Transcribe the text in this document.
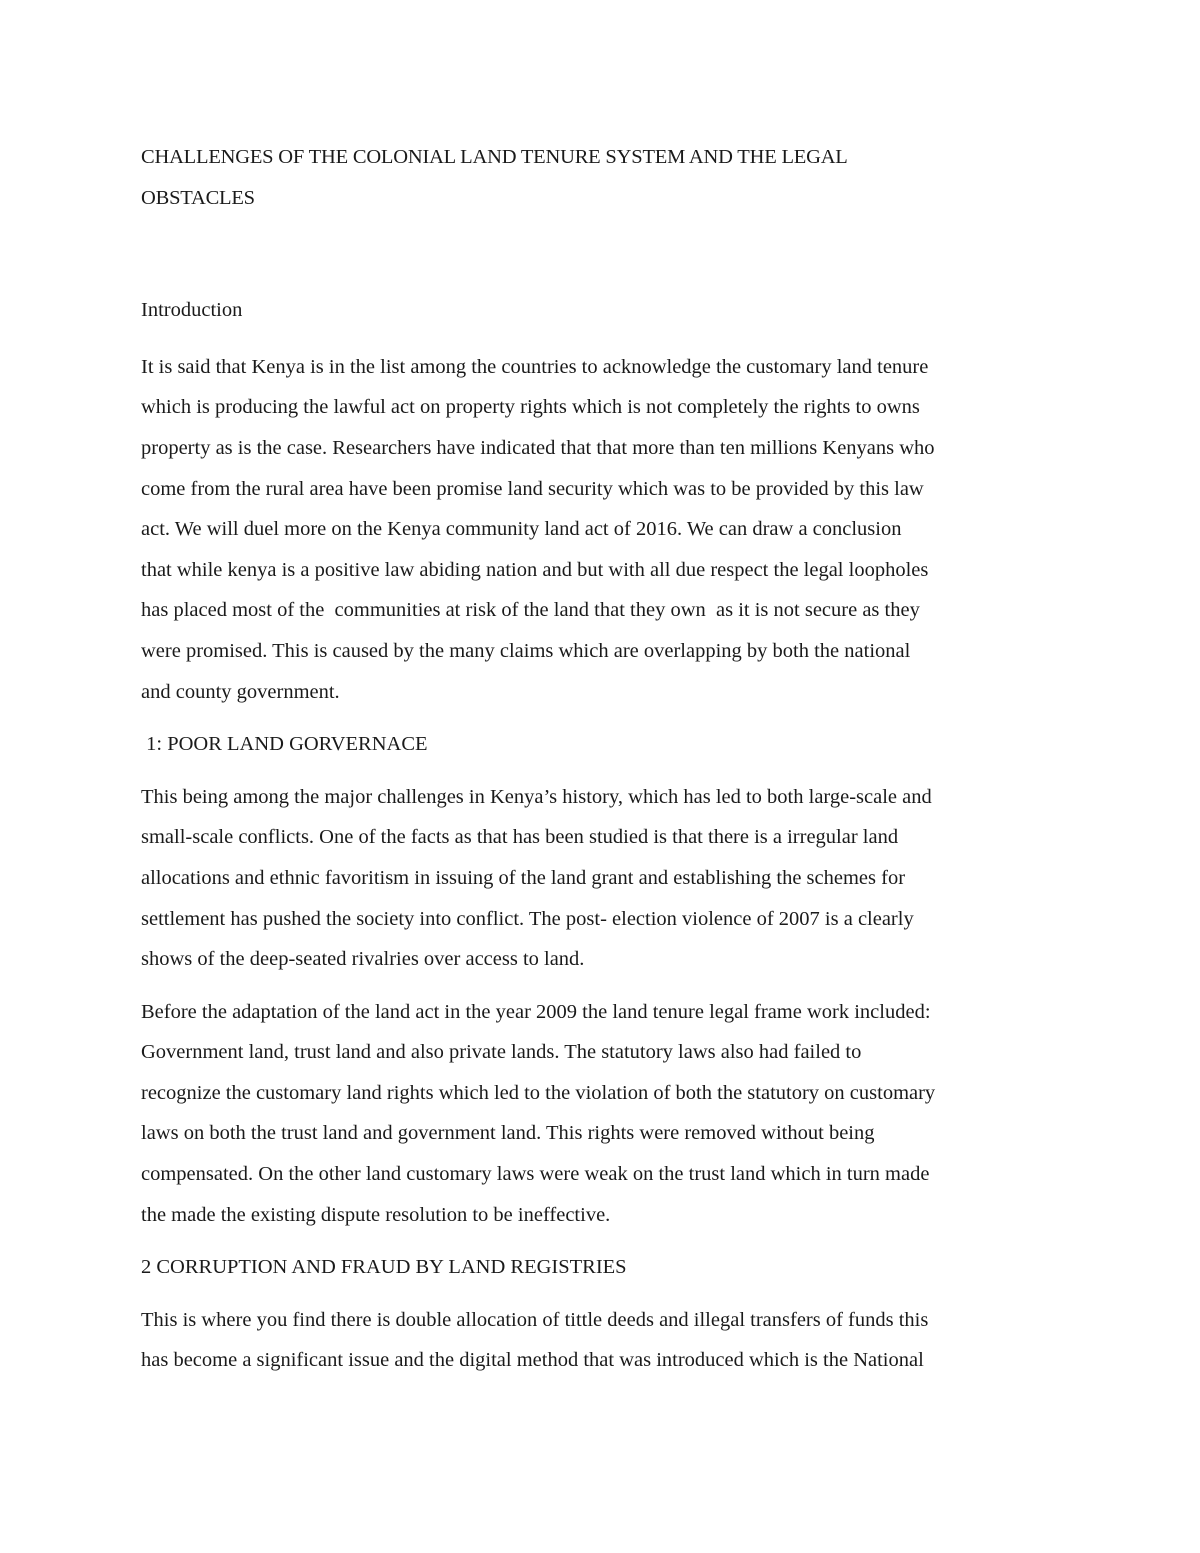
CHALLENGES OF THE COLONIAL LAND TENURE SYSTEM AND THE LEGAL
OBSTACLES
Introduction

It is said that Kenya is in the list among the countries to acknowledge the customary land tenure
which is producing the lawful act on property rights which is not completely the rights to owns
property as is the case. Researchers have indicated that that more than ten millions Kenyans who
come from the rural area have been promise land security which was to be provided by this law
act. We will duel more on the Kenya community land act of 2016. We can draw a conclusion
that while kenya is a positive law abiding nation and but with all due respect the legal loopholes
has placed most of the  communities at risk of the land that they own  as it is not secure as they
were promised. This is caused by the many claims which are overlapping by both the national
and county government.

1: POOR LAND GORVERNACE

This being among the major challenges in Kenya’s history, which has led to both large-scale and
small-scale conflicts. One of the facts as that has been studied is that there is a irregular land
allocations and ethnic favoritism in issuing of the land grant and establishing the schemes for
settlement has pushed the society into conflict. The post- election violence of 2007 is a clearly
shows of the deep-seated rivalries over access to land.

Before the adaptation of the land act in the year 2009 the land tenure legal frame work included:
Government land, trust land and also private lands. The statutory laws also had failed to
recognize the customary land rights which led to the violation of both the statutory on customary
laws on both the trust land and government land. This rights were removed without being
compensated. On the other land customary laws were weak on the trust land which in turn made
the made the existing dispute resolution to be ineffective.

2 CORRUPTION AND FRAUD BY LAND REGISTRIES

This is where you find there is double allocation of tittle deeds and illegal transfers of funds this
has become a significant issue and the digital method that was introduced which is the National
